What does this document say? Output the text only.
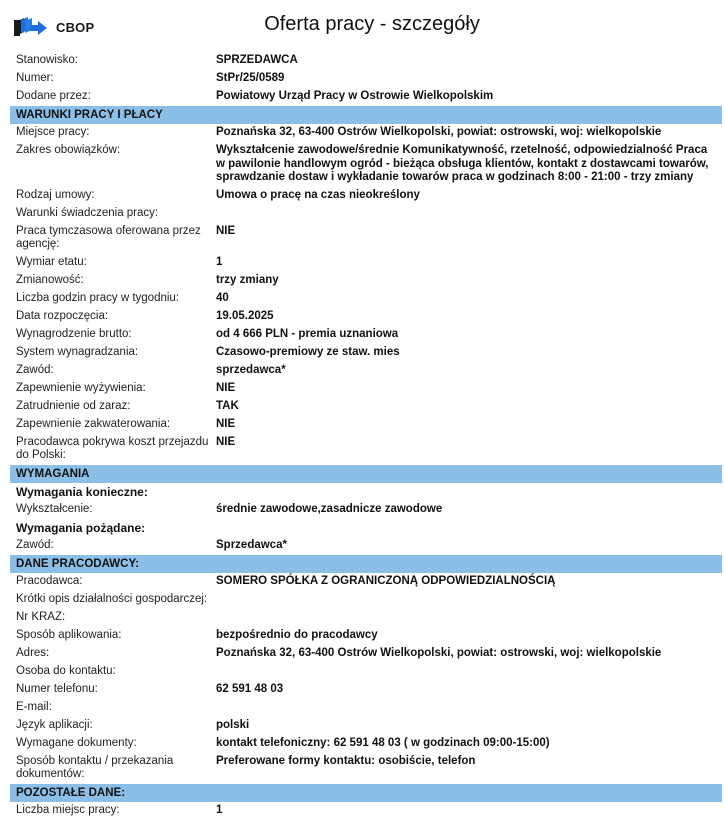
CBOP	Oferta pracy - szczegóły
Stanowisko:	SPRZEDAWCA
Numer:	StPr/25/0589
Dodane przez:	Powiatowy Urząd Pracy w Ostrowie Wielkopolskim
WARUNKI PRACY I PŁACY
Miejsce pracy:	Poznańska 32, 63-400 Ostrów Wielkopolski, powiat: ostrowski, woj: wielkopolskie
Zakres obowiązków:	Wykształcenie zawodowe/średnie Komunikatywność, rzetelność, odpowiedzialność Praca w pawilonie handlowym ogród - bieżąca obsługa klientów, kontakt z dostawcami towarów, sprawdzanie dostaw i wykładanie towarów praca w godzinach 8:00 - 21:00 - trzy zmiany
Rodzaj umowy:	Umowa o pracę na czas nieokreślony
Warunki świadczenia pracy:
Praca tymczasowa oferowana przez agencję:
NIE
Wymiar etatu:	1
Zmianowość:	trzy zmiany
Liczba godzin pracy w tygodniu:	40
Data rozpoczęcia:	19.05.2025
Wynagrodzenie brutto:	od 4 666 PLN - premia uznaniowa
System wynagradzania:	Czasowo-premiowy ze staw. mies
Zawód:	sprzedawca*
Zapewnienie wyżywienia:	NIE
Zatrudnienie od zaraz:	TAK
Zapewnienie zakwaterowania:	NIE
Pracodawca pokrywa koszt przejazdu do Polski:
NIE
WYMAGANIA
Wymagania konieczne:
Wykształcenie:	średnie zawodowe,zasadnicze zawodowe
Wymagania pożądane:
Zawód:	Sprzedawca*
DANE PRACODAWCY:
Pracodawca:	SOMERO SPÓŁKA Z OGRANICZONĄ ODPOWIEDZIALNOŚCIĄ
Krótki opis działalności gospodarczej:
Nr KRAZ:
Sposób aplikowania:	bezpośrednio do pracodawcy
Adres:	Poznańska 32, 63-400 Ostrów Wielkopolski, powiat: ostrowski, woj: wielkopolskie
Osoba do kontaktu:
Numer telefonu:	62 591 48 03
E-mail:
Język aplikacji:	polski
Wymagane dokumenty:	kontakt telefoniczny: 62 591 48 03 ( w godzinach 09:00-15:00)
Sposób kontaktu / przekazania dokumentów:
Preferowane formy kontaktu: osobiście, telefon
POZOSTAŁE DANE:
Liczba miejsc pracy:	1
